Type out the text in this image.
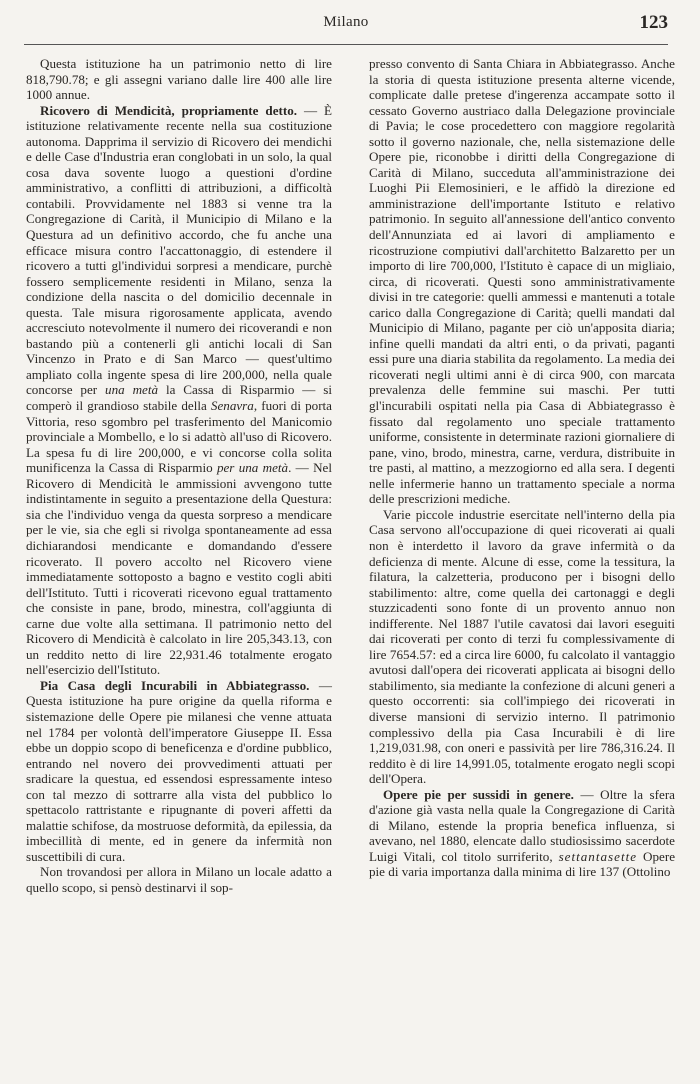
Milano	123

Questa istituzione ha un patrimonio netto di lire 818,790.78; e gli assegni variano dalle lire 400 alle lire 1000 annue.

Ricovero di Mendicità, propriamente detto. — È istituzione relativamente recente nella sua costituzione autonoma. Dapprima il servizio di Ricovero dei mendichi e delle Case d'Industria eran conglobati in un solo, la qual cosa dava sovente luogo a questioni d'ordine amministrativo, a conflitti di attribuzioni, a difficoltà contabili. Provvidamente nel 1883 si venne tra la Congregazione di Carità, il Municipio di Milano e la Questura ad un definitivo accordo, che fu anche una efficace misura contro l'accattonaggio, di estendere il ricovero a tutti gl'individui sorpresi a mendicare, purchè fossero semplicemente residenti in Milano, senza la condizione della nascita o del domicilio decennale in questa. Tale misura rigorosamente applicata, avendo accresciuto notevolmente il numero dei ricoverandi e non bastando più a contenerli gli antichi locali di San Vincenzo in Prato e di San Marco — quest'ultimo ampliato colla ingente spesa di lire 200,000, nella quale concorse per una metà la Cassa di Risparmio — si comperò il grandioso stabile della Senavra, fuori di porta Vittoria, reso sgombro pel trasferimento del Manicomio provinciale a Mombello, e lo si adattò all'uso di Ricovero. La spesa fu di lire 200,000, e vi concorse colla solita munificenza la Cassa di Risparmio per una metà. — Nel Ricovero di Mendicità le ammissioni avvengono tutte indistintamente in seguito a presentazione della Questura: sia che l'individuo venga da questa sorpreso a mendicare per le vie, sia che egli si rivolga spontaneamente ad essa dichiarandosi mendicante e domandando d'essere ricoverato. Il povero accolto nel Ricovero viene immediatamente sottoposto a bagno e vestito cogli abiti dell'Istituto. Tutti i ricoverati ricevono egual trattamento che consiste in pane, brodo, minestra, coll'aggiunta di carne due volte alla settimana. Il patrimonio netto del Ricovero di Mendicità è calcolato in lire 205,343.13, con un reddito netto di lire 22,931.46 totalmente erogato nell'esercizio dell'Istituto.

Pia Casa degli Incurabili in Abbiategrasso. — Questa istituzione ha pure origine da quella riforma e sistemazione delle Opere pie milanesi che venne attuata nel 1784 per volontà dell'imperatore Giuseppe II. Essa ebbe un doppio scopo di beneficenza e d'ordine pubblico, entrando nel novero dei provvedimenti attuati per sradicare la questua, ed essendosi espressamente inteso con tal mezzo di sottrarre alla vista del pubblico lo spettacolo rattristante e ripugnante di poveri affetti da malattie schifose, da mostruose deformità, da epilessia, da imbecillità di mente, ed in genere da infermità non suscettibili di cura.

Non trovandosi per allora in Milano un locale adatto a quello scopo, si pensò destinarvi il sop-

presso convento di Santa Chiara in Abbiategrasso. Anche la storia di questa istituzione presenta alterne vicende, complicate dalle pretese d'ingerenza accampate sotto il cessato Governo austriaco dalla Delegazione provinciale di Pavia; le cose procedettero con maggiore regolarità sotto il governo nazionale, che, nella sistemazione delle Opere pie, riconobbe i diritti della Congregazione di Carità di Milano, succeduta all'amministrazione dei Luoghi Pii Elemosinieri, e le affidò la direzione ed amministrazione dell'importante Istituto e relativo patrimonio. In seguito all'annessione dell'antico convento dell'Annunziata ed ai lavori di ampliamento e ricostruzione compiutivi dall'architetto Balzaretto per un importo di lire 700,000, l'Istituto è capace di un migliaio, circa, di ricoverati. Questi sono amministrativamente divisi in tre categorie: quelli ammessi e mantenuti a totale carico dalla Congregazione di Carità; quelli mandati dal Municipio di Milano, pagante per ciò un'apposita diaria; infine quelli mandati da altri enti, o da privati, paganti essi pure una diaria stabilita da regolamento. La media dei ricoverati negli ultimi anni è di circa 900, con marcata prevalenza delle femmine sui maschi. Per tutti gl'incurabili ospitati nella pia Casa di Abbiategrasso è fissato dal regolamento uno speciale trattamento uniforme, consistente in determinate razioni giornaliere di pane, vino, brodo, minestra, carne, verdura, distribuite in tre pasti, al mattino, a mezzogiorno ed alla sera. I degenti nelle infermerie hanno un trattamento speciale a norma delle prescrizioni mediche.

Varie piccole industrie esercitate nell'interno della pia Casa servono all'occupazione di quei ricoverati ai quali non è interdetto il lavoro da grave infermità o da deficienza di mente. Alcune di esse, come la tessitura, la filatura, la calzetteria, producono per i bisogni dello stabilimento: altre, come quella dei cartonaggi e degli stuzzicadenti sono fonte di un provento annuo non indifferente. Nel 1887 l'utile cavatosi dai lavori eseguiti dai ricoverati per conto di terzi fu complessivamente di lire 7654.57: ed a circa lire 6000, fu calcolato il vantaggio avutosi dall'opera dei ricoverati applicata ai bisogni dello stabilimento, sia mediante la confezione di alcuni generi a questo occorrenti: sia coll'impiego dei ricoverati in diverse mansioni di servizio interno. Il patrimonio complessivo della pia Casa Incurabili è di lire 1,219,031.98, con oneri e passività per lire 786,316.24. Il reddito è di lire 14,991.05, totalmente erogato negli scopi dell'Opera.

Opere pie per sussidi in genere. — Oltre la sfera d'azione già vasta nella quale la Congregazione di Carità di Milano, estende la propria benefica influenza, si avevano, nel 1880, elencate dallo studiosissimo sacerdote Luigi Vitali, col titolo surriferito, settantasette Opere pie di varia importanza dalla minima di lire 137 (Ottolino
